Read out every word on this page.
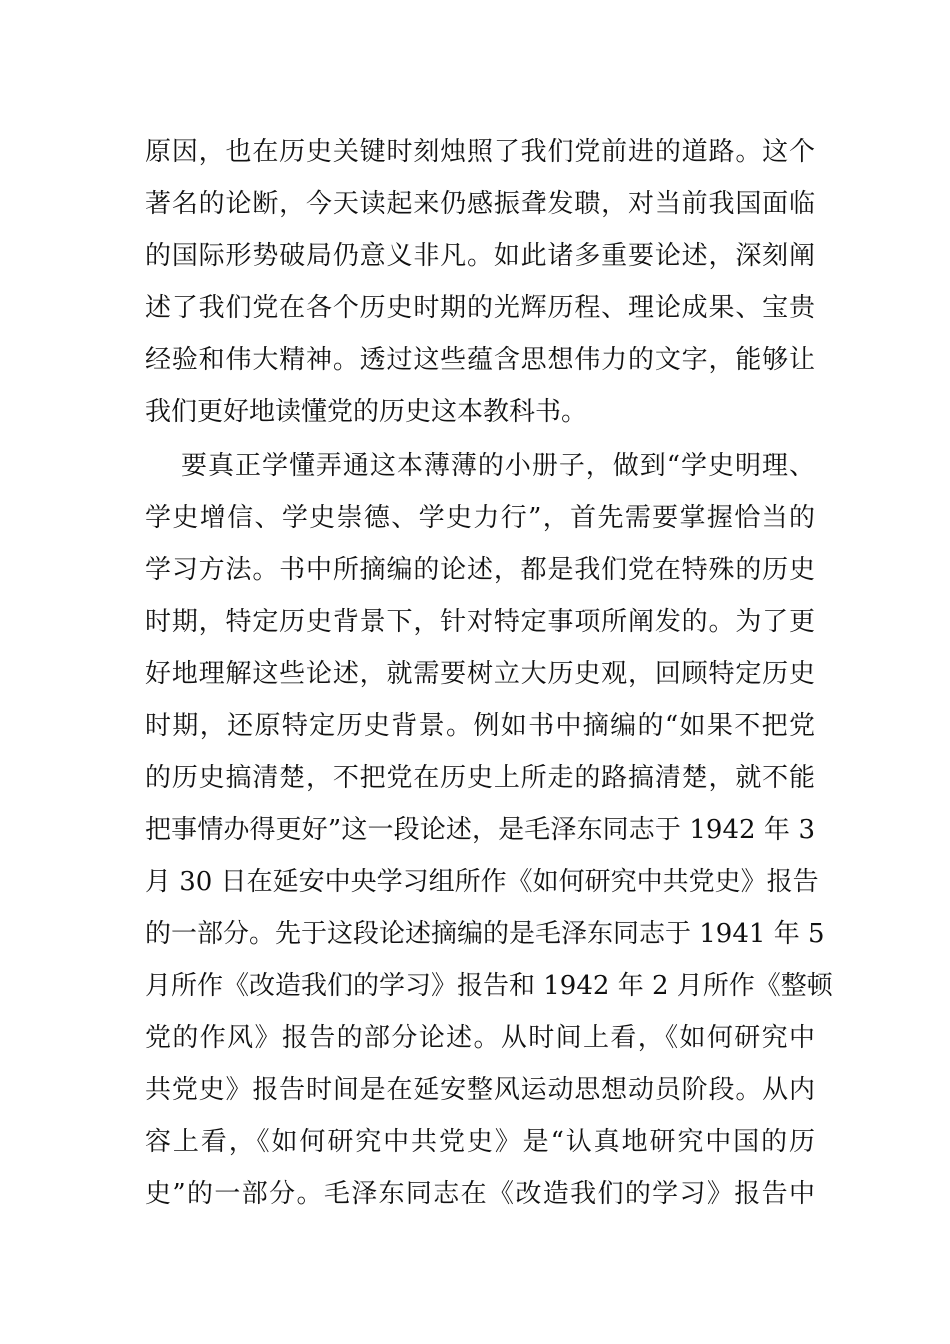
原因，也在历史关键时刻烛照了我们党前进的道路。这个
著名的论断，今天读起来仍感振聋发聩，对当前我国面临
的国际形势破局仍意义非凡。如此诸多重要论述，深刻阐
述了我们党在各个历史时期的光辉历程、理论成果、宝贵
经验和伟大精神。透过这些蕴含思想伟力的文字，能够让
我们更好地读懂党的历史这本教科书。
要真正学懂弄通这本薄薄的小册子，做到“学史明理、
学史增信、学史崇德、学史力行”，首先需要掌握恰当的
学习方法。书中所摘编的论述，都是我们党在特殊的历史
时期，特定历史背景下，针对特定事项所阐发的。为了更
好地理解这些论述，就需要树立大历史观，回顾特定历史
时期，还原特定历史背景。例如书中摘编的“如果不把党
的历史搞清楚，不把党在历史上所走的路搞清楚，就不能
把事情办得更好”这一段论述，是毛泽东同志于 1942 年 3
月 30 日在延安中央学习组所作《如何研究中共党史》报告
的一部分。先于这段论述摘编的是毛泽东同志于 1941 年 5
月所作《改造我们的学习》报告和 1942 年 2 月所作《整顿
党的作风》报告的部分论述。从时间上看，《如何研究中
共党史》报告时间是在延安整风运动思想动员阶段。从内
容上看，《如何研究中共党史》是“认真地研究中国的历
史”的一部分。毛泽东同志在《改造我们的学习》报告中
